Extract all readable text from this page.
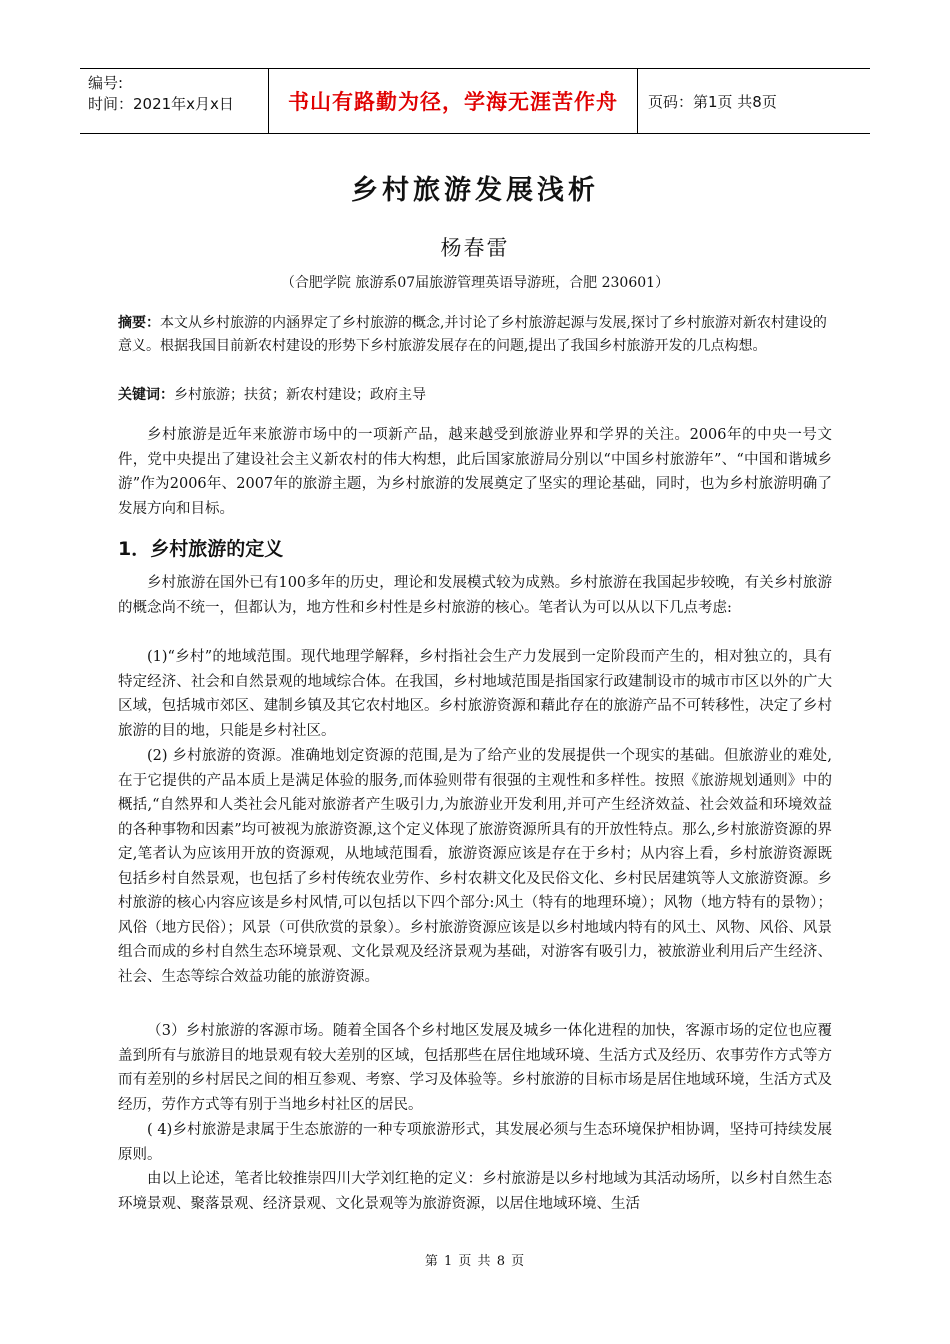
编号:
时间：2021年x月x日	书山有路勤为径，学海无涯苦作舟	页码：第1页 共8页
乡村旅游发展浅析
杨春雷
（合肥学院 旅游系07届旅游管理英语导游班，合肥 230601）
摘要：本文从乡村旅游的内涵界定了乡村旅游的概念,并讨论了乡村旅游起源与发展,探讨了乡村旅游对新农村建设的意义。根据我国目前新农村建设的形势下乡村旅游发展存在的问题,提出了我国乡村旅游开发的几点构想。
关键词：乡村旅游；扶贫；新农村建设；政府主导

乡村旅游是近年来旅游市场中的一项新产品，越来越受到旅游业界和学界的关注。2006年的中央一号文件，党中央提出了建设社会主义新农村的伟大构想，此后国家旅游局分别以“中国乡村旅游年”、“中国和谐城乡游”作为2006年、2007年的旅游主题，为乡村旅游的发展奠定了坚实的理论基础，同时，也为乡村旅游明确了发展方向和目标。

1．乡村旅游的定义

乡村旅游在国外已有100多年的历史，理论和发展模式较为成熟。乡村旅游在我国起步较晚，有关乡村旅游的概念尚不统一，但都认为，地方性和乡村性是乡村旅游的核心。笔者认为可以从以下几点考虑:

(1)“乡村”的地域范围。现代地理学解释，乡村指社会生产力发展到一定阶段而产生的，相对独立的，具有特定经济、社会和自然景观的地域综合体。在我国，乡村地域范围是指国家行政建制设市的城市市区以外的广大区域，包括城市郊区、建制乡镇及其它农村地区。乡村旅游资源和藉此存在的旅游产品不可转移性，决定了乡村旅游的目的地，只能是乡村社区。

(2) 乡村旅游的资源。准确地划定资源的范围,是为了给产业的发展提供一个现实的基础。但旅游业的难处,在于它提供的产品本质上是满足体验的服务,而体验则带有很强的主观性和多样性。按照《旅游规划通则》中的概括,“自然界和人类社会凡能对旅游者产生吸引力,为旅游业开发利用,并可产生经济效益、社会效益和环境效益的各种事物和因素”均可被视为旅游资源,这个定义体现了旅游资源所具有的开放性特点。那么,乡村旅游资源的界定,笔者认为应该用开放的资源观，从地域范围看，旅游资源应该是存在于乡村；从内容上看，乡村旅游资源既包括乡村自然景观，也包括了乡村传统农业劳作、乡村农耕文化及民俗文化、乡村民居建筑等人文旅游资源。乡村旅游的核心内容应该是乡村风情,可以包括以下四个部分:风土（特有的地理环境）；风物（地方特有的景物）；风俗（地方民俗）；风景（可供欣赏的景象）。乡村旅游资源应该是以乡村地域内特有的风土、风物、风俗、风景组合而成的乡村自然生态环境景观、文化景观及经济景观为基础，对游客有吸引力，被旅游业利用后产生经济、社会、生态等综合效益功能的旅游资源。

（3）乡村旅游的客源市场。随着全国各个乡村地区发展及城乡一体化进程的加快，客源市场的定位也应覆盖到所有与旅游目的地景观有较大差别的区域，包括那些在居住地域环境、生活方式及经历、农事劳作方式等方而有差别的乡村居民之间的相互参观、考察、学习及体验等。乡村旅游的目标市场是居住地域环境，生活方式及经历，劳作方式等有别于当地乡村社区的居民。

( 4)乡村旅游是隶属于生态旅游的一种专项旅游形式，其发展必须与生态环境保护相协调，坚持可持续发展原则。

由以上论述，笔者比较推崇四川大学刘红艳的定义：乡村旅游是以乡村地域为其活动场所，以乡村自然生态环境景观、聚落景观、经济景观、文化景观等为旅游资源，以居住地域环境、生活

第 1 页 共 8 页
